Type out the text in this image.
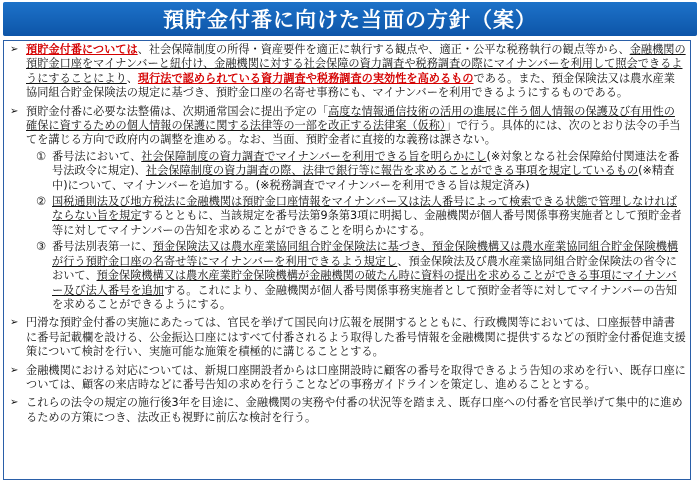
預貯金付番に向けた当面の方針（案）
➢ 預貯金付番については、社会保障制度の所得・資産要件を適正に執行する観点や、適正・公平な税務執行の観点等から、金融機関の預貯金口座をマイナンバーと紐付け、金融機関に対する社会保障の資力調査や税務調査の際にマイナンバーを利用して照会できるようにすることにより、現行法で認められている資力調査や税務調査の実効性を高めるものである。また、預金保険法又は農水産業協同組合貯金保険法の規定に基づき、預貯金口座の名寄せ事務にも、マイナンバーを利用できるようにするものである。
➢ 預貯金付番に必要な法整備は、次期通常国会に提出予定の「高度な情報通信技術の活用の進展に伴う個人情報の保護及び有用性の確保に資するための個人情報の保護に関する法律等の一部を改正する法律案（仮称）」で行う。具体的には、次のとおり法令の手当てを講じる方向で政府内の調整を進める。なお、当面、預貯金者に直接的な義務は課さない。
① 番号法において、社会保障制度の資力調査でマイナンバーを利用できる旨を明らかにし(※対象となる社会保障給付関連法を番号法政令に規定)、社会保障制度の資力調査の際、法律で銀行等に報告を求めることができる事項を規定しているもの(※精査中)について、マイナンバーを追加する。(※税務調査でマイナンバーを利用できる旨は規定済み)
② 国税通則法及び地方税法に金融機関は預貯金口座情報をマイナンバー又は法人番号によって検索できる状態で管理しなければならない旨を規定するとともに、当該規定を番号法第9条第3項に明掲し、金融機関が個人番号関係事務実施者として預貯金者等に対してマイナンバーの告知を求めることができることを明らかにする。
③ 番号法別表第一に、預金保険法又は農水産業協同組合貯金保険法に基づき、預金保険機構又は農水産業協同組合貯金保険機構が行う預貯金口座の名寄せ等にマイナンバーを利用できるよう規定し、預金保険法及び農水産業協同組合貯金保険法の省令において、預金保険機構又は農水産業貯金保険機構が金融機関の破たん時に資料の提出を求めることができる事項にマイナンバー及び法人番号を追加する。これにより、金融機関が個人番号関係事務実施者として預貯金者等に対してマイナンバーの告知を求めることができるようにする。
➢ 円滑な預貯金付番の実施にあたっては、官民を挙げて国民向け広報を展開するとともに、行政機関等においては、口座振替申請書に番号記載欄を設ける、公金振込口座にはすべて付番されるよう取得した番号情報を金融機関に提供するなどの預貯金付番促進支援策について検討を行い、実施可能な施策を積極的に講じることとする。
➢ 金融機関における対応については、新規口座開設者からは口座開設時に顧客の番号を取得できるよう告知の求めを行い、既存口座については、顧客の来店時などに番号告知の求めを行うことなどの事務ガイドラインを策定し、進めることとする。
➢ これらの法令の規定の施行後3年を目途に、金融機関の実務や付番の状況等を踏まえ、既存口座への付番を官民挙げて集中的に進めるための方策につき、法改正も視野に前広な検討を行う。
